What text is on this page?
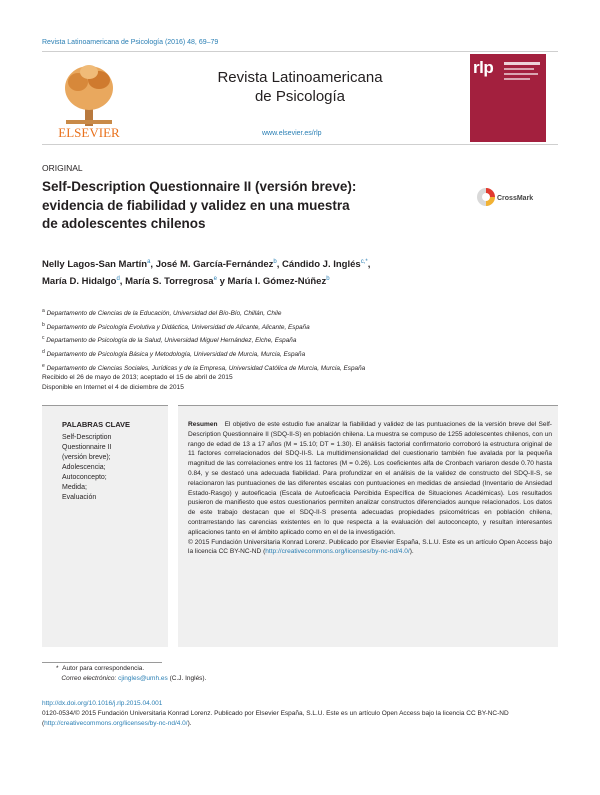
Revista Latinoamericana de Psicología (2016) 48, 69–79
ELSEVIER
Revista Latinoamericana
de Psicología
www.elsevier.es/rlp
rlp
ORIGINAL
Self-Description Questionnaire II (versión breve):
evidencia de fiabilidad y validez en una muestra
de adolescentes chilenos
CrossMark
Nelly Lagos-San Martín$^a$, José M. García-Fernández$^b$, Cándido J. Inglés$^{c,*}$,
María D. Hidalgo$^d$, María S. Torregrosa$^e$ y María I. Gómez-Núñez$^b$
$^a$ Departamento de Ciencias de la Educación, Universidad del Bío-Bío, Chillán, Chile
$^b$ Departamento de Psicología Evolutiva y Didáctica, Universidad de Alicante, Alicante, España
$^c$ Departamento de Psicología de la Salud, Universidad Miguel Hernández, Elche, España
$^d$ Departamento de Psicología Básica y Metodología, Universidad de Murcia, Murcia, España
$^e$ Departamento de Ciencias Sociales, Jurídicas y de la Empresa, Universidad Católica de Murcia, Murcia, España
Recibido el 26 de mayo de 2013; aceptado el 15 de abril de 2015
Disponible en Internet el 4 de diciembre de 2015
PALABRAS CLAVE
Self-Description
Questionnaire II
(versión breve);
Adolescencia;
Autoconcepto;
Medida;
Evaluación
Resumen El objetivo de este estudio fue analizar la fiabilidad y validez de las puntuaciones de la versión breve del Self-Description Questionnaire II (SDQ-II-S) en población chilena. La muestra se compuso de 1255 adolescentes chilenos, con un rango de edad de 13 a 17 años (M = 15.10; DT = 1.30). El análisis factorial confirmatorio corroboró la estructura original de 11 factores correlacionados del SDQ-II-S. La multidimensionalidad del cuestionario también fue avalada por la pequeña magnitud de las correlaciones entre los 11 factores (M = 0.26). Los coeficientes alfa de Cronbach variaron desde 0.70 hasta 0.84, y se destacó una adecuada fiabilidad. Para profundizar en el análisis de la validez de constructo del SDQ-II-S, se relacionaron las puntuaciones de las diferentes escalas con puntuaciones en medidas de ansiedad (Inventario de Ansiedad Estado-Rasgo) y autoeficacia (Escala de Autoeficacia Percibida Específica de Situaciones Académicas). Los resultados pusieron de manifiesto que estos cuestionarios permiten analizar constructos diferenciados aunque relacionados. Los datos de este trabajo destacan que el SDQ-II-S presenta adecuadas propiedades psicométricas en población chilena, contrarrestando las carencias existentes en lo que respecta a la evaluación del autoconcepto, y resultan interesantes aplicaciones tanto en el ámbito aplicado como en el de la investigación.
© 2015 Fundación Universitaria Konrad Lorenz. Publicado por Elsevier España, S.L.U. Este es un artículo Open Access bajo la licencia CC BY-NC-ND (http://creativecommons.org/licenses/by-nc-nd/4.0/).
* Autor para correspondencia.
Correo electrónico: cjingles@umh.es (C.J. Inglés).
http://dx.doi.org/10.1016/j.rlp.2015.04.001
0120-0534/© 2015 Fundación Universitaria Konrad Lorenz. Publicado por Elsevier España, S.L.U. Este es un artículo Open Access bajo la licencia CC BY-NC-ND (http://creativecommons.org/licenses/by-nc-nd/4.0/).
